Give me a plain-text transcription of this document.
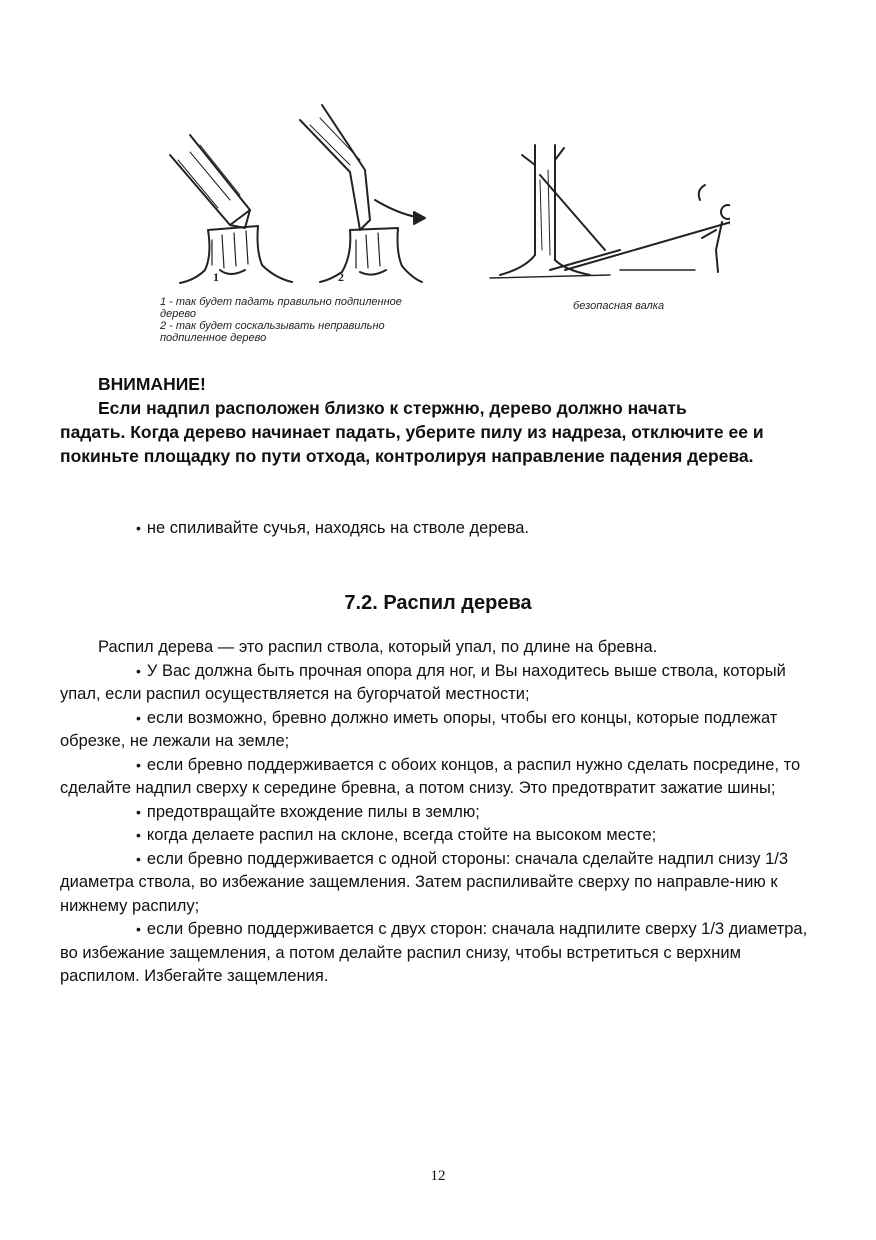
1	2
1 - так будет падать правильно подпиленное
дерево
2 - так будет соскальзывать неправильно
подпиленное дерево
безопасная валка

ВНИМАНИЕ!

Если надпил расположен близко к стержню, дерево должно начать

падать. Когда дерево начинает падать, уберите пилу из надреза, отключите ее и покиньте площадку по пути отхода, контролируя направление падения дерева.

• не спиливайте сучья, находясь на стволе дерева.

7.2. Распил дерева

Распил дерева — это распил ствола, который упал, по длине на бревна.

• У Вас должна быть прочная опора для ног, и Вы находитесь выше ствола, который упал, если распил осуществляется на бугорчатой местности;

• если возможно, бревно должно иметь опоры, чтобы его концы, которые подлежат обрезке, не лежали на земле;

• если бревно поддерживается с обоих концов, а распил нужно сделать посредине, то сделайте надпил сверху к середине бревна, а потом снизу. Это предотвратит зажатие шины;

• предотвращайте вхождение пилы в землю;

• когда делаете распил на склоне, всегда стойте на высоком месте;

• если бревно поддерживается с одной стороны: сначала сделайте надпил снизу 1/3 диаметра ствола, во избежание защемления. Затем распиливайте сверху по направле-нию к нижнему распилу;

• если бревно поддерживается с двух сторон: сначала надпилите сверху 1/3 диаметра, во избежание защемления, а потом делайте распил снизу, чтобы встретиться с верхним распилом. Избегайте защемления.

12
